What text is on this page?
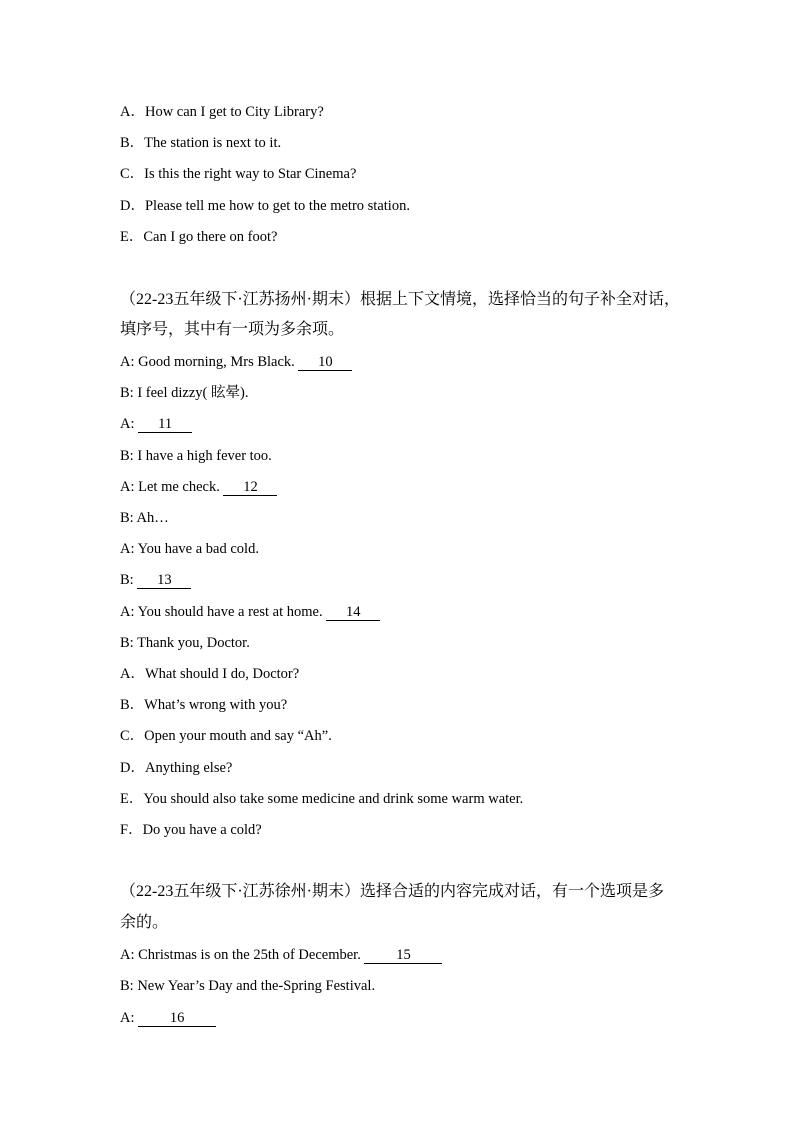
A．How can I get to City Library?
B．The station is next to it.
C．Is this the right way to Star Cinema?
D．Please tell me how to get to the metro station.
E．Can I go there on foot?
（22-23五年级下·江苏扬州·期末）根据上下文情境，选择恰当的句子补全对话，
填序号，其中有一项为多余项。
A: Good morning, Mrs Black. 10
B: I feel dizzy( 眩晕).
A: 11
B: I have a high fever too.
A: Let me check. 12
B: Ah…
A: You have a bad cold.
B: 13
A: You should have a rest at home. 14
B: Thank you, Doctor.
A．What should I do, Doctor?
B．What’s wrong with you?
C．Open your mouth and say “Ah”.
D．Anything else?
E．You should also take some medicine and drink some warm water.
F．Do you have a cold?
（22-23五年级下·江苏徐州·期末）选择合适的内容完成对话，有一个选项是多
余的。
A: Christmas is on the 25th of December. 15
B: New Year’s Day and the-Spring Festival.
A: 16
